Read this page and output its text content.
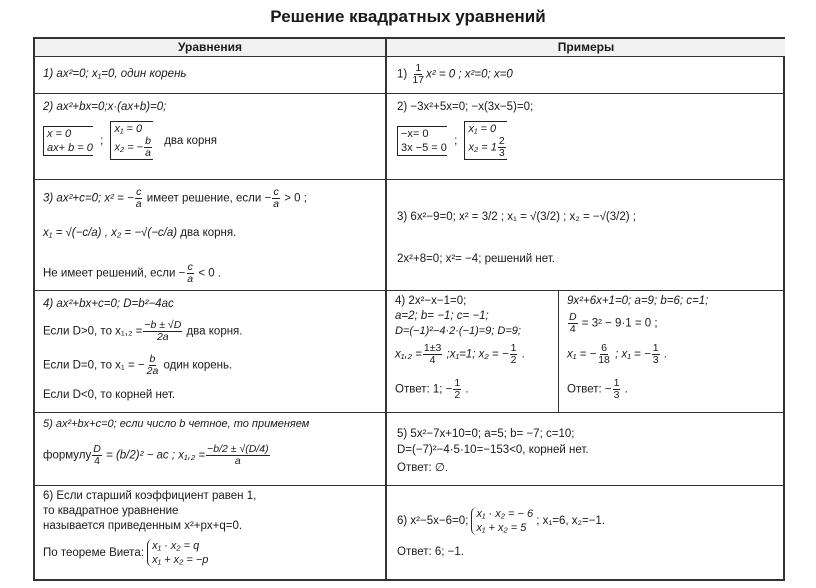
Решение квадратных уравнений
Уравнения	Примеры
1) ax²=0; x₁=0, один корень	$1) \frac{1}{17} x^2 = 0$ ; x²=0; x=0
2) ax²+bx=0;x·(ax+b)=0;
x = 0
ax+ b = 0
;
x₁ = 0
x₂ = − $\frac{b}{a}$ два корня
2) −3x²+5x=0; −x(3x−5)=0;
−x= 0
3x −5 = 0
;
x₁ = 0
$x_2 = 1 \frac{2}{3}$
3) ax²+c=0; x² = − $\frac{c}{a}$ имеет решение, если − $\frac{c}{a} > 0$ ;
x₁ = √(−c/a) , x₂ = −√(−c/a) два корня.
Не имеет решений, если − $\frac{c}{a} < 0$ .
3) 6x²−9=0; x² = 3/2 ; x₁ = √(3/2) ; x₂ = −√(3/2) ;
2x²+8=0; x²= −4; решений нет.
4) ax²+bx+c=0; D=b²−4ac
Если D>0, то $x_1,_2 = \frac{-b \pm √D}{2a}$ два корня.
Если D=0, то x₁ = − $\frac{b}{2a}$ один корень.
Если D<0, то корней нет.
4) 2x²−x−1=0;
a=2; b= −1; c= −1;
D=(−1)²−4·2·(−1)=9; D=9;
$x_1,_2 = \frac{1\pm 3}{4}$ ;x₁=1; x₂ = − $\frac{1}{2}$ .
Ответ: 1; − $\frac{1}{2}$ .
9x²+6x+1=0; a=9; b=6; c=1;
$\frac{D}{4} = 3^2 - 9\cdot 1 = 0$ ;
x₁ = − $\frac{6}{18}$ ; x₁ = − $\frac{1}{3}$ .
Ответ: − $\frac{1}{3}$ .
5) ax²+bx+c=0; если число b четное, то применяем
формулу $\frac{D}{4} = (b/2)^2$ − ac ; $x_1,_2 = \frac{-b/2 \pm √(D/4)}{a}$
5) 5x²−7x+10=0; a=5; b= −7; c=10;
D=(−7)²−4·5·10=−153<0, корней нет.
Ответ: ∅.
6) Если старший коэффициент равен 1,
то квадратное уравнение
называется приведенным x²+px+q=0.
По теореме Виета:
x₁ · x₂ = q
x₁ + x₂ = −p
6) x²−5x−6=0;
x₁ · x₂ = − 6
x₁ + x₂ = 5
; x₁=6, x₂=−1.
Ответ: 6; −1.
